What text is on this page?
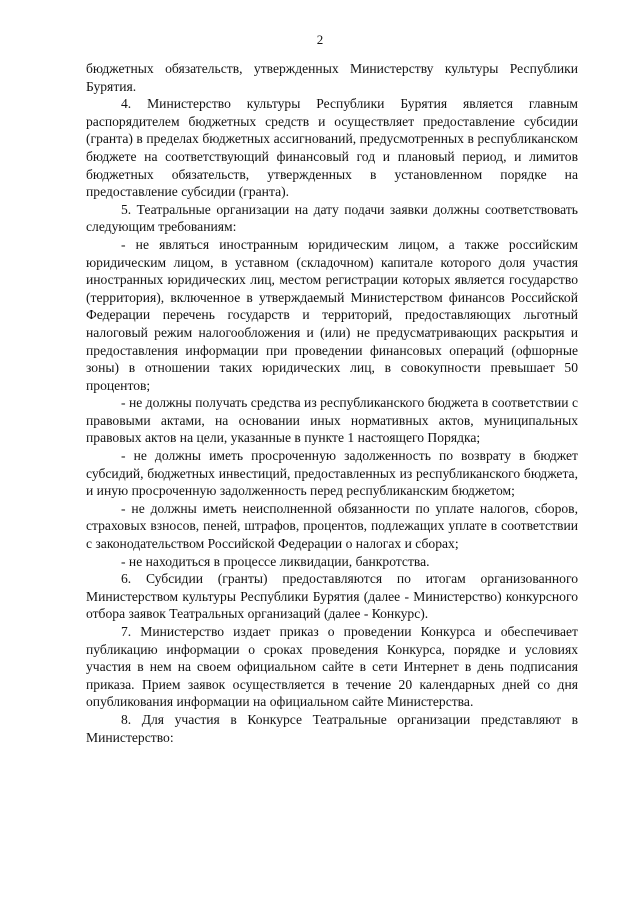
2

бюджетных обязательств, утвержденных Министерству культуры Республики Бурятия.

4. Министерство культуры Республики Бурятия является главным распорядителем бюджетных средств и осуществляет предоставление субсидии (гранта) в пределах бюджетных ассигнований, предусмотренных в республиканском бюджете на соответствующий финансовый год и плановый период, и лимитов бюджетных обязательств, утвержденных в установленном порядке на предоставление субсидии (гранта).

5. Театральные организации на дату подачи заявки должны соответствовать следующим требованиям:

- не являться иностранным юридическим лицом, а также российским юридическим лицом, в уставном (складочном) капитале которого доля участия иностранных юридических лиц, местом регистрации которых является государство (территория), включенное в утверждаемый Министерством финансов Российской Федерации перечень государств и территорий, предоставляющих льготный налоговый режим налогообложения и (или) не предусматривающих раскрытия и предоставления информации при проведении финансовых операций (офшорные зоны) в отношении таких юридических лиц, в совокупности превышает 50 процентов;

- не должны получать средства из республиканского бюджета в соответствии с правовыми актами, на основании иных нормативных актов, муниципальных правовых актов на цели, указанные в пункте 1 настоящего Порядка;

- не должны иметь просроченную задолженность по возврату в бюджет субсидий, бюджетных инвестиций, предоставленных из республиканского бюджета, и иную просроченную задолженность перед республиканским бюджетом;

- не должны иметь неисполненной обязанности по уплате налогов, сборов, страховых взносов, пеней, штрафов, процентов, подлежащих уплате в соответствии с законодательством Российской Федерации о налогах и сборах;

- не находиться в процессе ликвидации, банкротства.

6. Субсидии (гранты) предоставляются по итогам организованного Министерством культуры Республики Бурятия (далее - Министерство) конкурсного отбора заявок Театральных организаций (далее - Конкурс).

7. Министерство издает приказ о проведении Конкурса и обеспечивает публикацию информации о сроках проведения Конкурса, порядке и условиях участия в нем на своем официальном сайте в сети Интернет в день подписания приказа. Прием заявок осуществляется в течение 20 календарных дней со дня опубликования информации на официальном сайте Министерства.

8. Для участия в Конкурсе Театральные организации представляют в Министерство:
